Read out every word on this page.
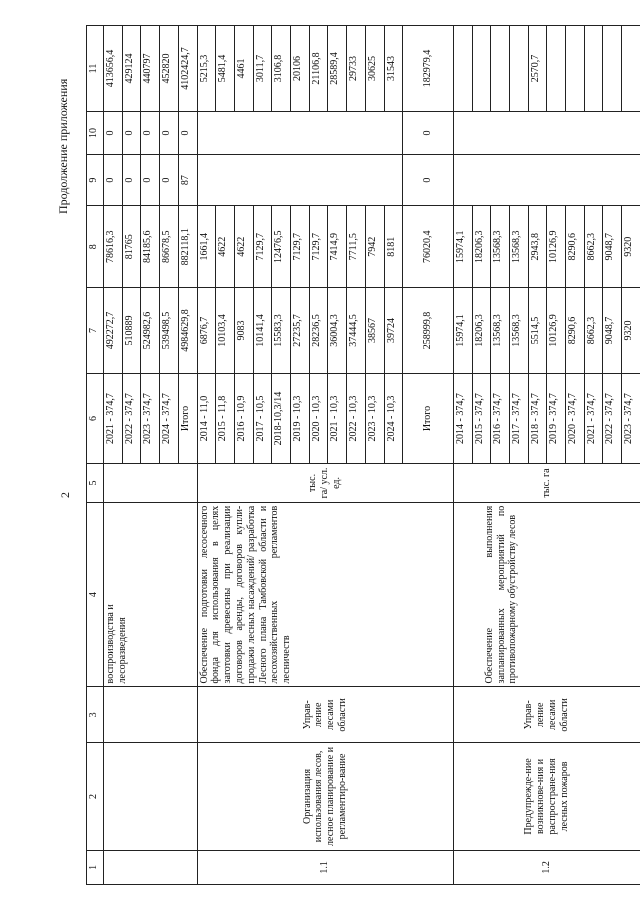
2
Продолжение приложения
1	2	3	4	5	6	7	8	9	10	11

			воспроизводства и лесоразведения		2021 - 374,7	492272,7	78616,3	0	0	413656,4
					2022 - 374,7	510889	81765	0	0	429124
					2023 - 374,7	524982,6	84185,6	0	0	440797
					2024 - 374,7	539498,5	86678,5	0	0	452820
					Итого	4984629,8	882118,1	87	0	4102424,7
1.1	Организация использования лесов, лесное планирование и регламентиро-вание	Управ-ление лесами области	Обеспечение подготовки лесосечного фонда для использования в целях заготовки древесины при реализации договоров аренды, договоров купли-продажи лесных насаждений/ разработка Лесного плана Тамбовской области и лесохозяйственных регламентов лесничеств	тыс. га/ усл. ед.	2014 - 11,0	6876,7	1661,4			5215,3
					2015 - 11,8	10103,4	4622			5481,4
					2016 - 10,9	9083	4622			4461
					2017 - 10,5	10141,4	7129,7			3011,7
					2018-10,3/14	15583,3	12476,5			3106,8
					2019 - 10,3	27235,7	7129,7			20106
					2020 - 10,3	28236,5	7129,7			21106,8
					2021 - 10,3	36004,3	7414,9			28589,4
					2022 - 10,3	37444,5	7711,5			29733
					2023 - 10,3	38567	7942			30625
					2024 - 10,3	39724	8181			31543
					Итого	258999,8	76020,4	0	0	182979,4
1.2	Предупрежде-ние возникнове-ния и распростране-ния лесных пожаров	Управ-ление лесами области	Обеспечение выполнения запланированных мероприятий по противопожарному обустройству лесов	тыс. га	2014 - 374,7	15974,1	15974,1			
					2015 - 374,7	18206,3	18206,3			
					2016 - 374,7	13568,3	13568,3			
					2017 - 374,7	13568,3	13568,3			
					2018 - 374,7	5514,5	2943,8			2570,7
					2019 - 374,7	10126,9	10126,9			
					2020 - 374,7	8290,6	8290,6			
					2021 - 374,7	8662,3	8662,3			
					2022 - 374,7	9048,7	9048,7			
					2023 - 374,7	9320	9320			
